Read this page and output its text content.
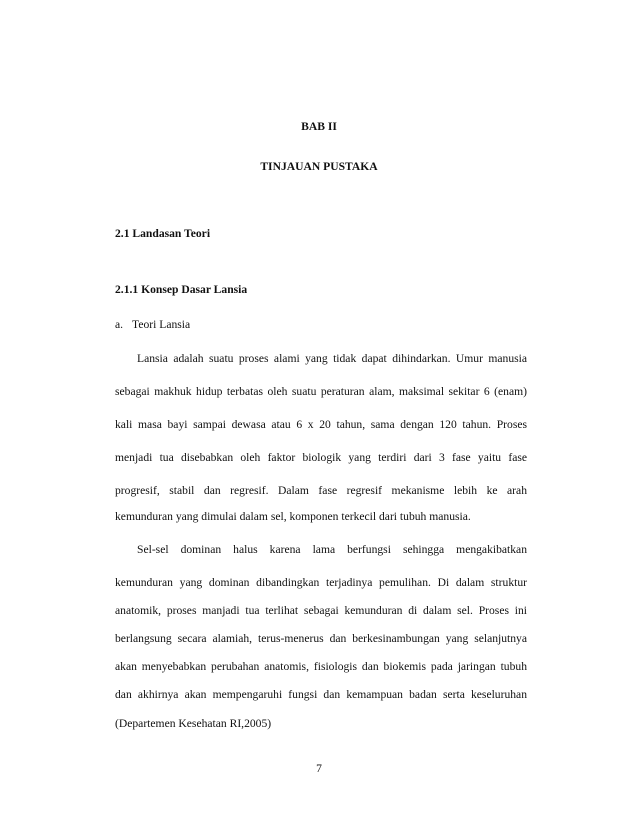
BAB II
TINJAUAN PUSTAKA
2.1 Landasan Teori
2.1.1 Konsep Dasar Lansia
a. Teori Lansia
Lansia adalah suatu proses alami yang tidak dapat dihindarkan. Umur manusia
sebagai makhuk hidup terbatas oleh suatu peraturan alam, maksimal sekitar 6 (enam)
kali masa bayi sampai dewasa atau 6 x 20 tahun, sama dengan 120 tahun. Proses
menjadi tua disebabkan oleh faktor biologik yang terdiri dari 3 fase yaitu fase
progresif, stabil dan regresif. Dalam fase regresif mekanisme lebih ke arah
kemunduran yang dimulai dalam sel, komponen terkecil dari tubuh manusia.
Sel-sel dominan halus karena lama berfungsi sehingga mengakibatkan
kemunduran yang dominan dibandingkan terjadinya pemulihan. Di dalam struktur
anatomik, proses manjadi tua terlihat sebagai kemunduran di dalam sel. Proses ini
berlangsung secara alamiah, terus-menerus dan berkesinambungan yang selanjutnya
akan menyebabkan perubahan anatomis, fisiologis dan biokemis pada jaringan tubuh
dan akhirnya akan mempengaruhi fungsi dan kemampuan badan serta keseluruhan
(Departemen Kesehatan RI,2005)
7
